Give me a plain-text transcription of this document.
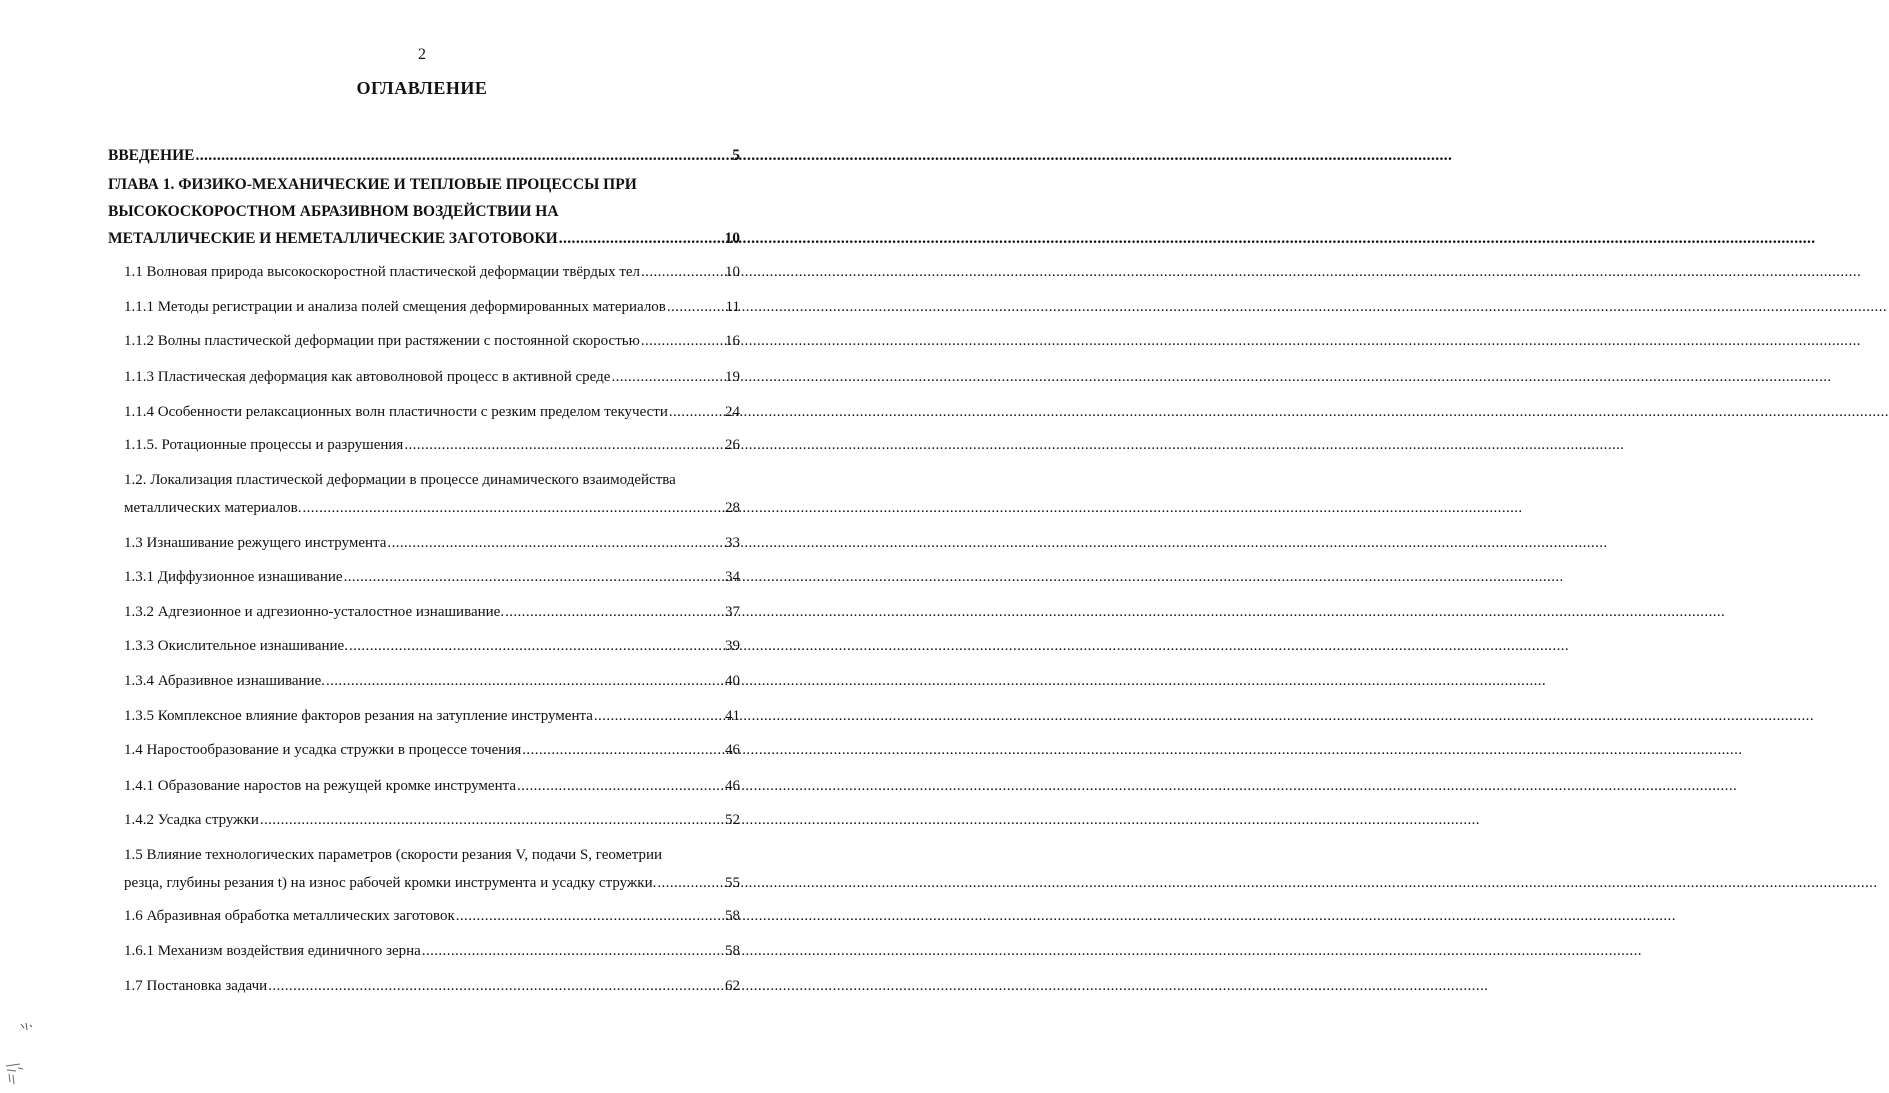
2
ОГЛАВЛЕНИЕ
ВВЕДЕНИЕ .....	5
ГЛАВА 1. ФИЗИКО-МЕХАНИЧЕСКИЕ И ТЕПЛОВЫЕ ПРОЦЕССЫ ПРИ
ВЫСОКОСКОРОСТНОМ АБРАЗИВНОМ ВОЗДЕЙСТВИИ НА
МЕТАЛЛИЧЕСКИЕ И НЕМЕТАЛЛИЧЕСКИЕ ЗАГОТОВОКИ .....	10
1.1 Волновая природа высокоскоростной пластической деформации твёрдых тел .....	10
1.1.1 Методы регистрации и анализа полей смещения деформированных материалов .....	11
1.1.2 Волны пластической деформации при растяжении с постоянной скоростью .....	16
1.1.3 Пластическая деформация как автоволновой процесс в активной среде .....	19
1.1.4 Особенности релаксационных волн пластичности с резким пределом текучести .....	24
1.1.5. Ротационные процессы и разрушения .....	26
1.2. Локализация пластической деформации в процессе динамического взаимодейства
металлических материалов. .....	28
1.3 Изнашивание режущего инструмента .....	33
1.3.1 Диффузионное изнашивание .....	34
1.3.2 Адгезионное и адгезионно-усталостное изнашивание. .....	37
1.3.3 Окислительное изнашивание. .....	39
1.3.4 Абразивное изнашивание. .....	40
1.3.5 Комплексное влияние факторов резания на затупление инструмента .....	41
1.4 Наростообразование и усадка стружки в процессе точения .....	46
1.4.1 Образование наростов на режущей кромке инструмента .....	46
1.4.2 Усадка стружки .....	52
1.5 Влияние технологических параметров (скорости резания V, подачи S, геометрии
резца, глубины резания t) на износ рабочей кромки инструмента и усадку стружки. .....	55
1.6 Абразивная обработка металлических заготовок .....	58
1.6.1 Механизм воздействия единичного зерна .....	58
1.7 Постановка задачи .....	62
